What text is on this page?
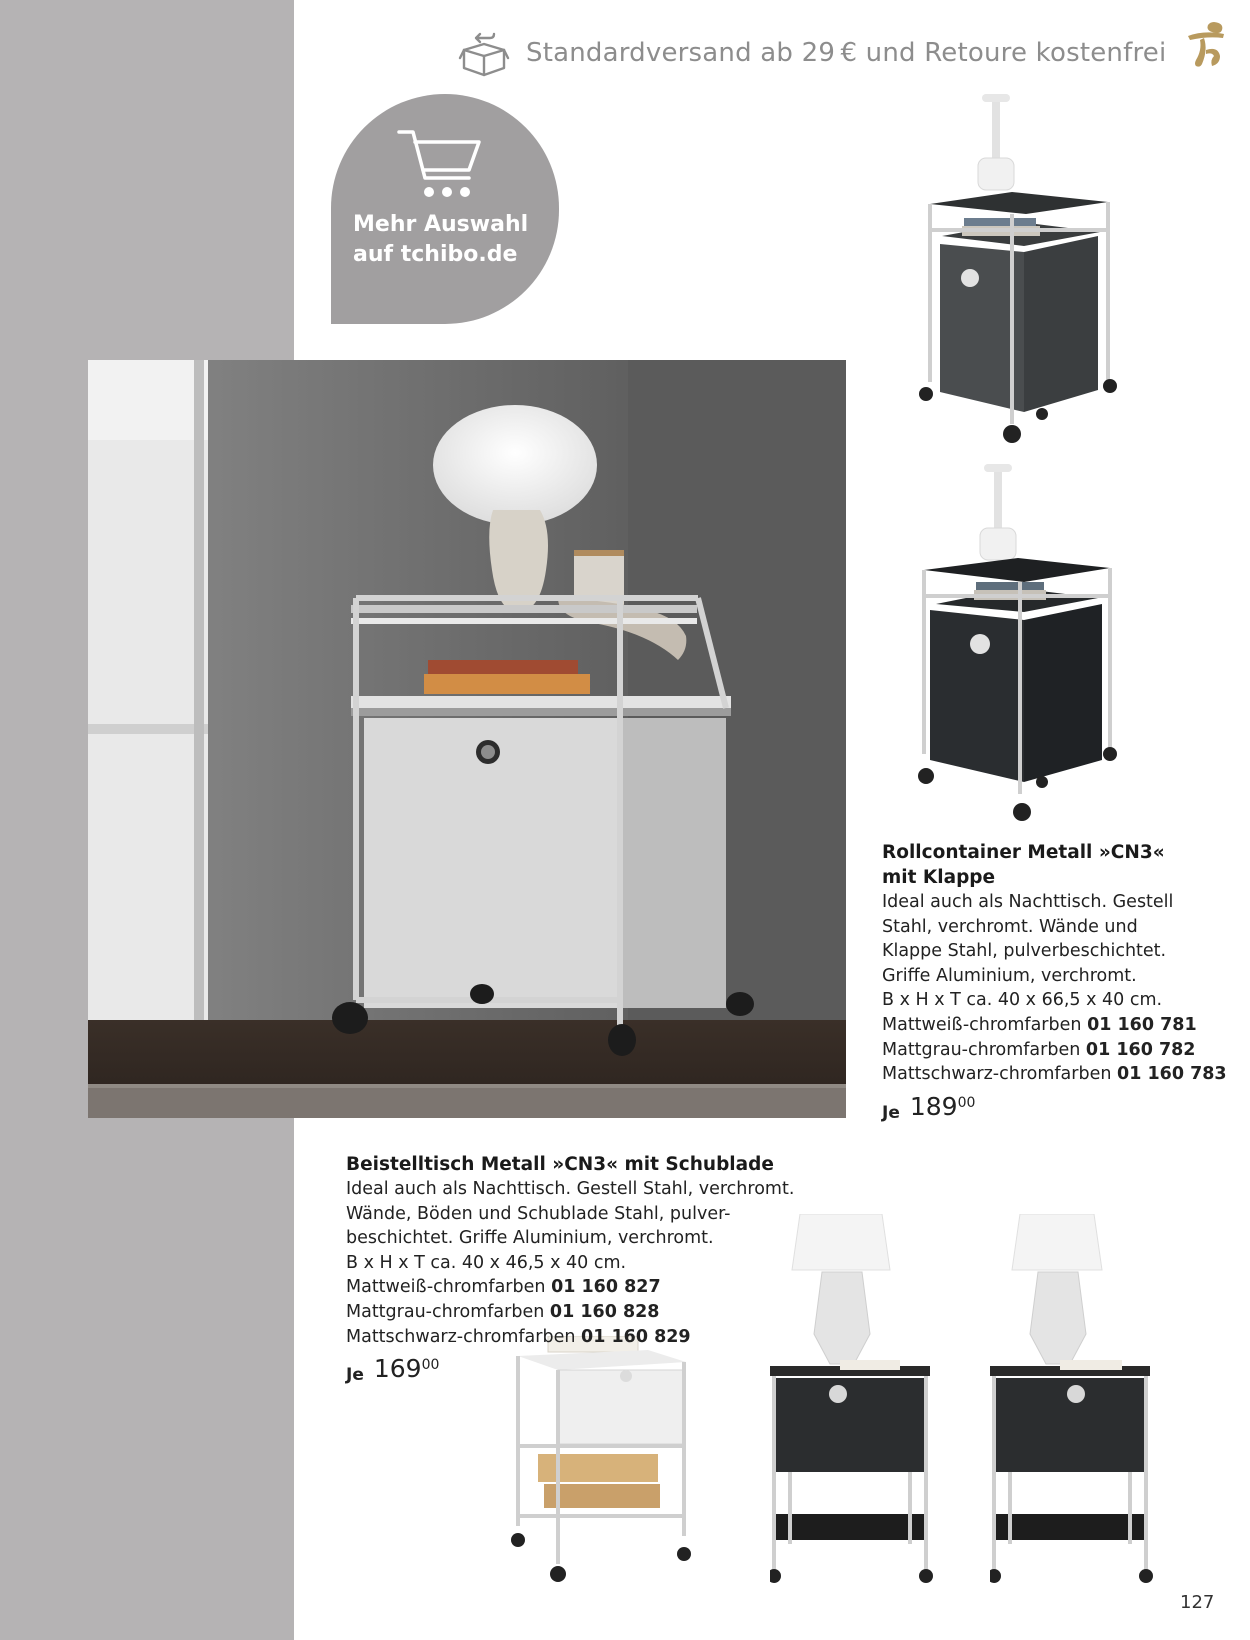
Standardversand ab 29 € und Retoure kostenfrei
Mehr Auswahl
auf tchibo.de
Rollcontainer Metall »CN3«
mit Klappe
Ideal auch als Nachttisch. Gestell
Stahl, verchromt. Wände und
Klappe Stahl, pulverbeschichtet.
Griffe Aluminium, verchromt.
B x H x T ca. 40 x 66,5 x 40 cm.
Mattweiß-chromfarben 01 160 781
Mattgrau-chromfarben 01 160 782
Mattschwarz-chromfarben 01 160 783
Je 189 00
Beistelltisch Metall »CN3« mit Schublade
Ideal auch als Nachttisch. Gestell Stahl, verchromt.
Wände, Böden und Schublade Stahl, pulver-
beschichtet. Griffe Aluminium, verchromt.
B x H x T ca. 40 x 46,5 x 40 cm.
Mattweiß-chromfarben 01 160 827
Mattgrau-chromfarben 01 160 828
Mattschwarz-chromfarben 01 160 829
Je 169 00
127
